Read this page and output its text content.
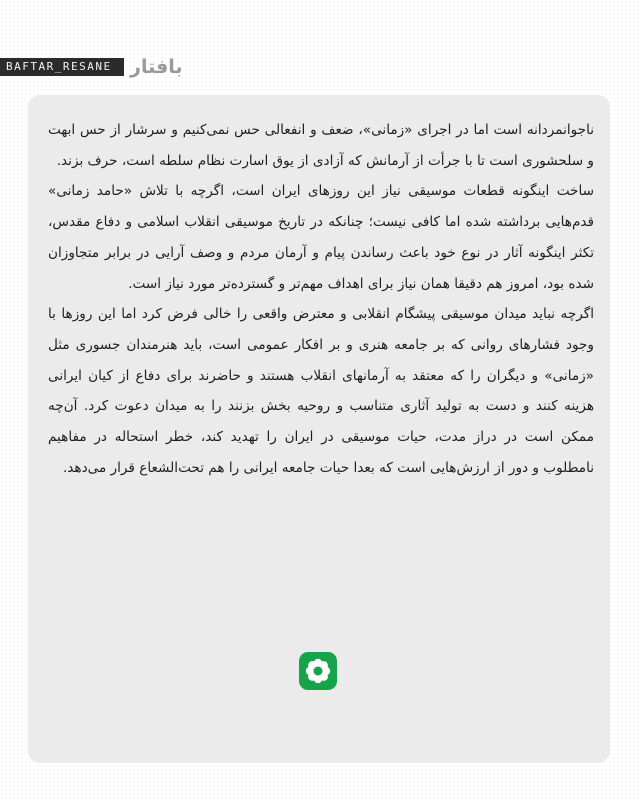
BAFTAR_RESANE بافتار

ناجوانمردانه است اما در اجرای «زمانی»، ضعف و انفعالی حس نمی‌کنیم و سرشار از حس ابهت و سلحشوری است تا با جرأت از آرمانش که آزادی از یوق اسارت نظام سلطه است، حرف بزند.

ساخت اینگونه قطعات موسیقی نیاز این روزهای ایران است، اگرچه با تلاش «حامد زمانی» قدم‌هایی برداشته شده اما کافی نیست؛ چنانکه در تاریخ موسیقی انقلاب اسلامی و دفاع مقدس، تکثر اینگونه آثار در نوع خود باعث رساندن پیام و آرمان مردم و وصف آرایی در برابر متجاوزان شده بود، امروز هم دقیقا همان نیاز برای اهداف مهم‌تر و گسترده‌تر مورد نیاز است.

اگرچه نباید میدان موسیقی پیشگام انقلابی و معترض واقعی را خالی فرض کرد اما این روزها با وجود فشارهای روانی که بر جامعه هنری و بر افکار عمومی است، باید هنرمندان جسوری مثل «زمانی» و دیگران را که معتقد به آرمانهای انقلاب هستند و حاضرند برای دفاع از کیان ایرانی هزینه کنند و دست به تولید آثاری متناسب و روحیه بخش بزنند را به میدان دعوت کرد. آن‌چه ممکن است در دراز مدت، حیات موسیقی در ایران را تهدید کند، خطر استحاله در مفاهیم نامطلوب و دور از ارزش‌هایی است که بعدا حیات جامعه ایرانی را هم تحت‌الشعاع قرار می‌دهد.
